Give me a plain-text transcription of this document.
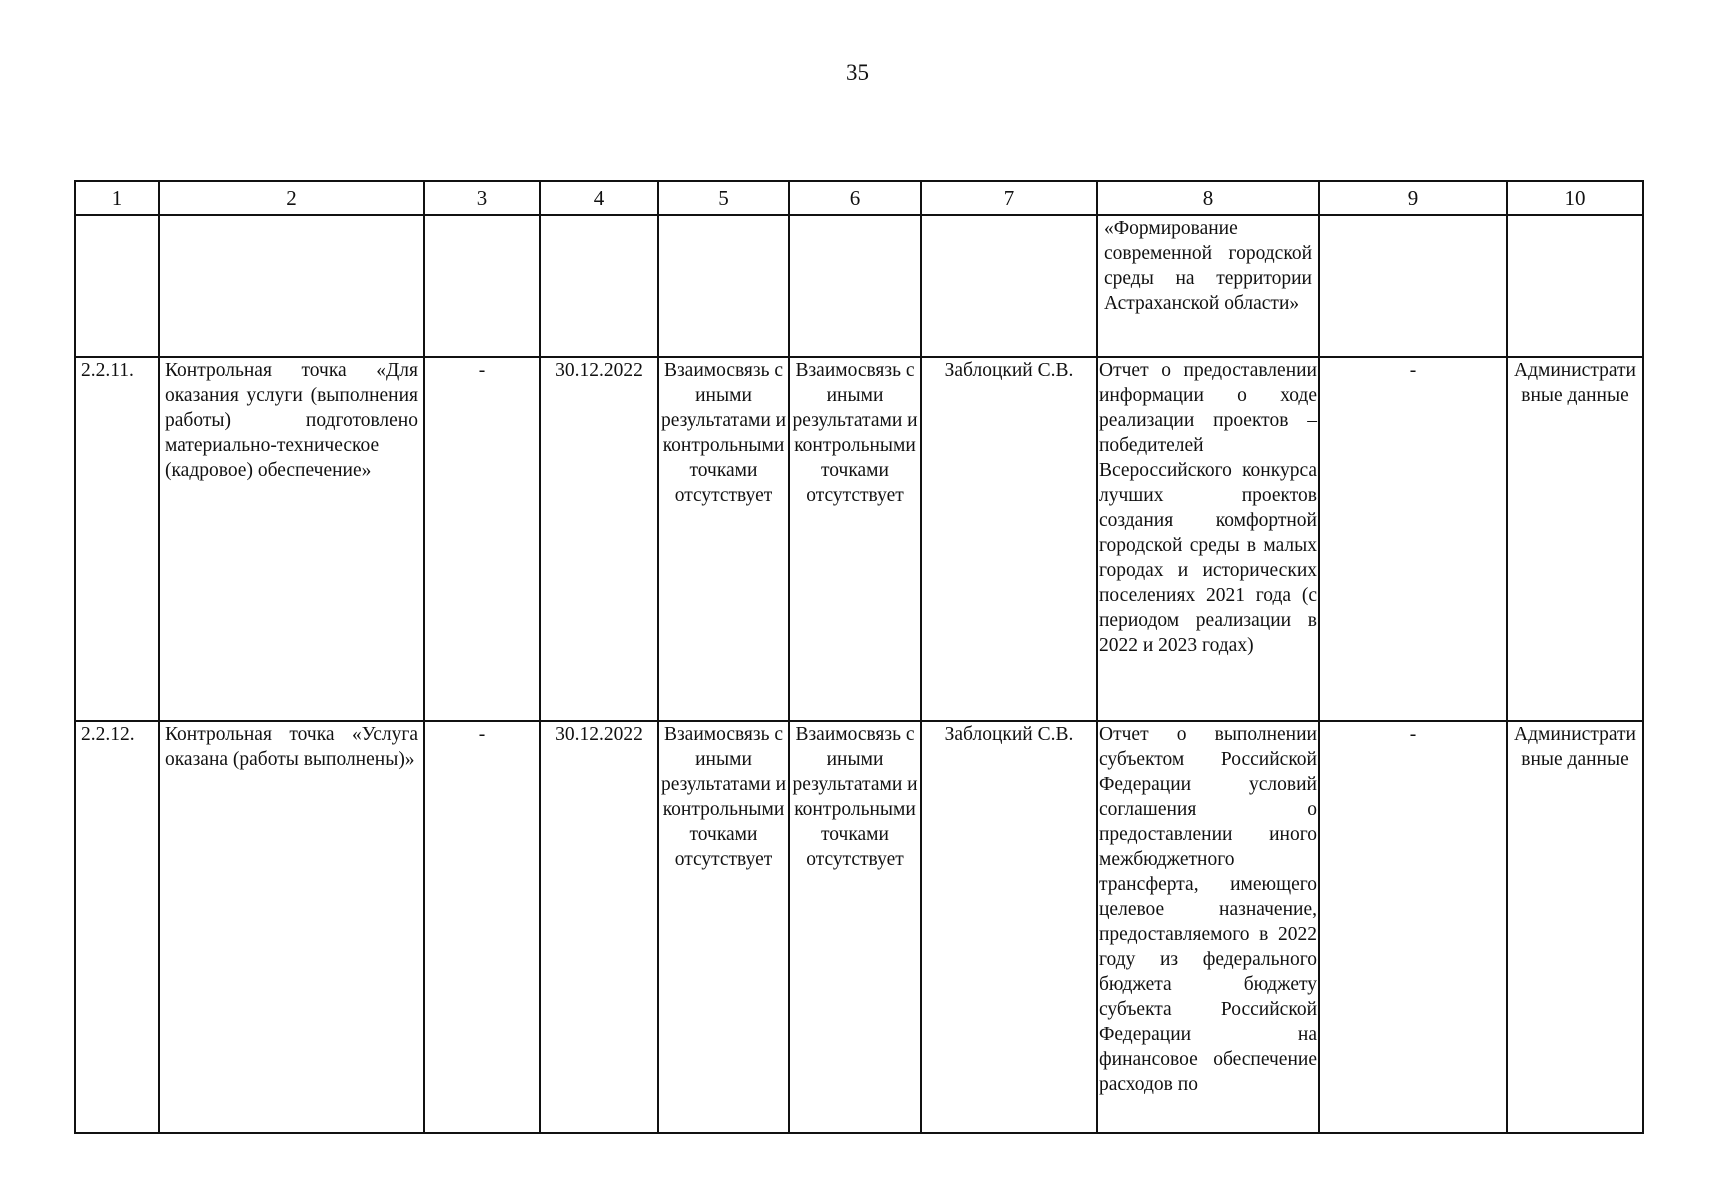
35
1	2	3	4	5	6	7	8	9	10
							«Формирование современной городской среды на территории Астраханской области»		
2.2.11.	Контрольная точка «Для оказания услуги (выполнения работы) подготовлено материально-техническое (кадровое) обеспечение»	-	30.12.2022	Взаимосвязь с иными результатами и контрольными точками отсутствует	Взаимосвязь с иными результатами и контрольными точками отсутствует	Заблоцкий С.В.	Отчет о предоставлении информации о ходе реализации проектов – победителей Всероссийского конкурса лучших проектов создания комфортной городской среды в малых городах и исторических поселениях 2021 года (с периодом реализации в 2022 и 2023 годах)	-	Административные данные
2.2.12.	Контрольная точка «Услуга оказана (работы выполнены)»	-	30.12.2022	Взаимосвязь с иными результатами и контрольными точками отсутствует	Взаимосвязь с иными результатами и контрольными точками отсутствует	Заблоцкий С.В.	Отчет о выполнении субъектом Российской Федерации условий соглашения о предоставлении иного межбюджетного трансферта, имеющего целевое назначение, предоставляемого в 2022 году из федерального бюджета бюджету субъекта Российской Федерации на финансовое обеспечение расходов по	-	Административные данные
